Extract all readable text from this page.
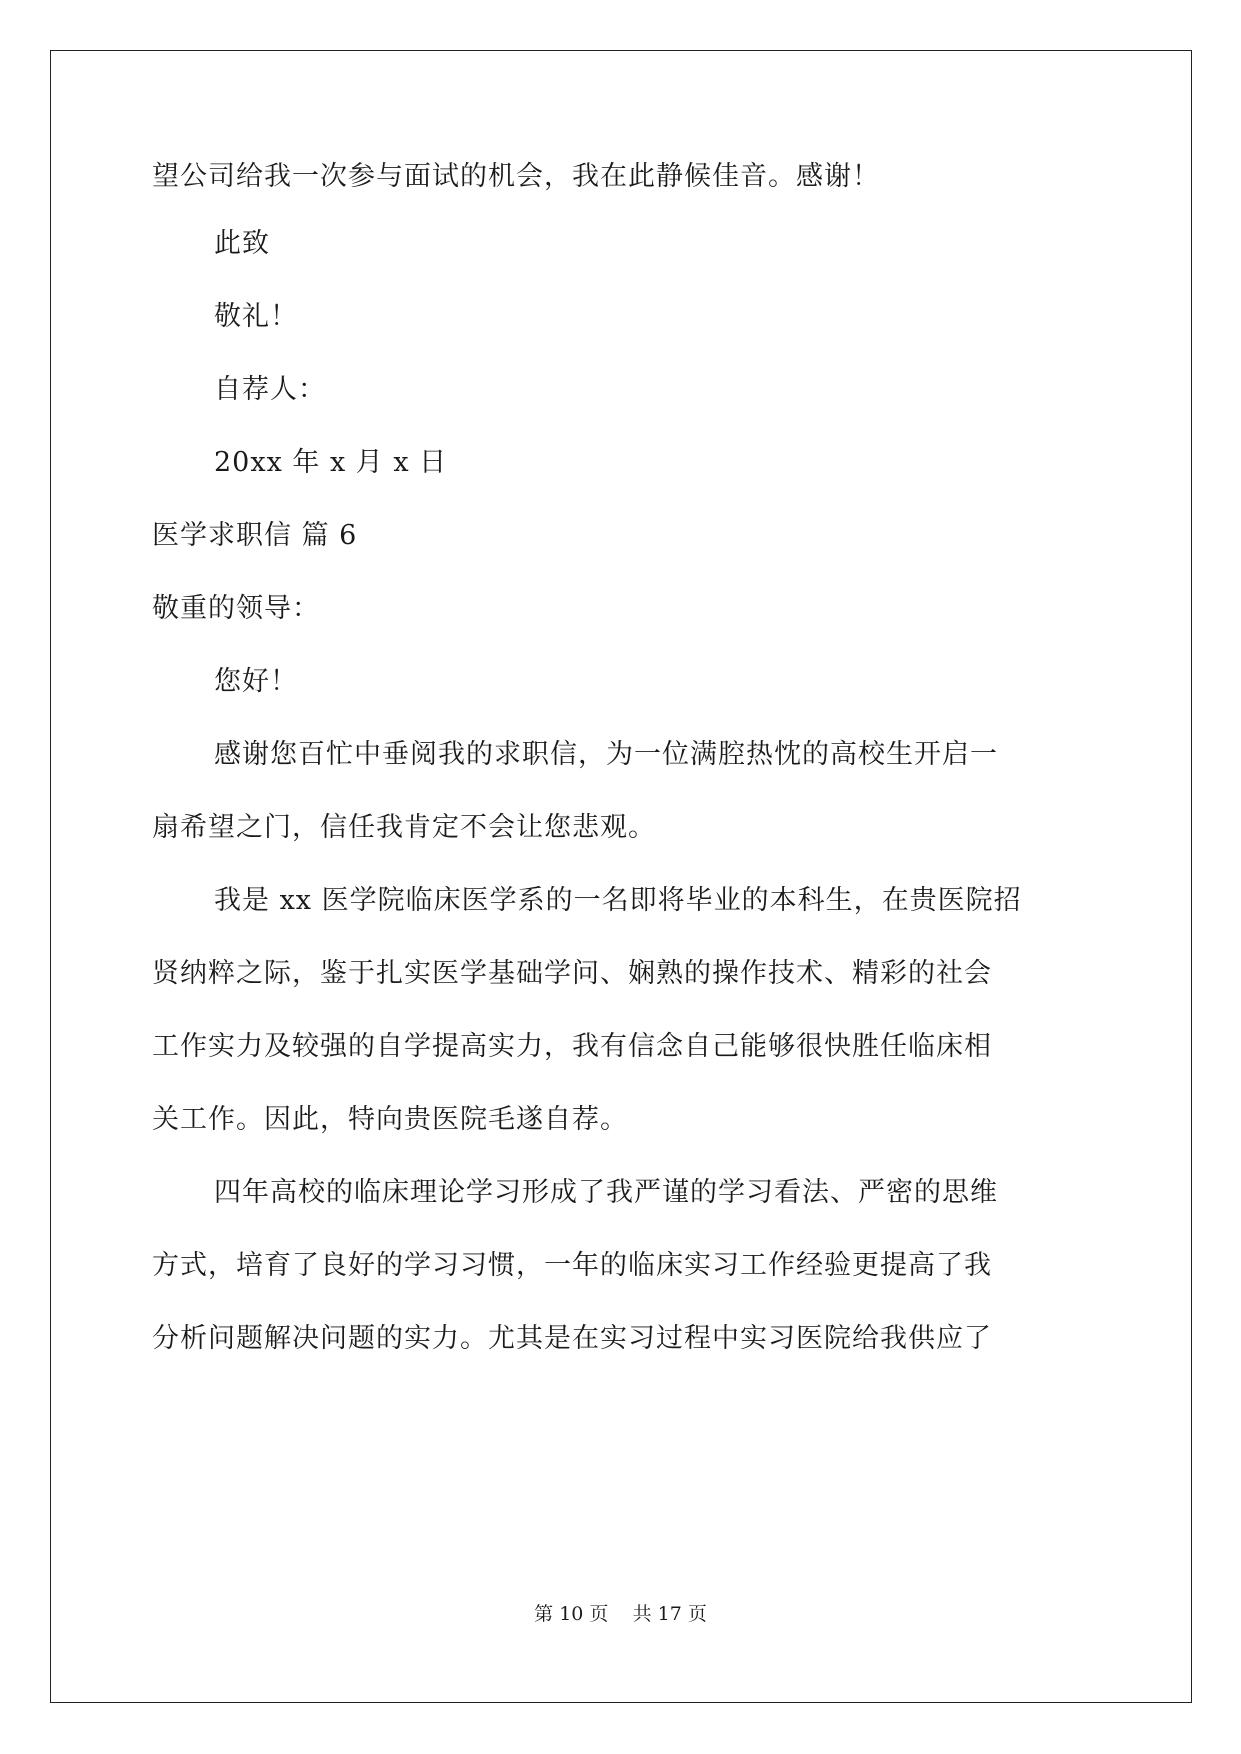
望公司给我一次参与面试的机会，我在此静候佳音。感谢！
此致
敬礼！
自荐人：
20xx 年 x 月 x 日
医学求职信 篇 6
敬重的领导：
您好！
感谢您百忙中垂阅我的求职信，为一位满腔热忱的高校生开启一
扇希望之门，信任我肯定不会让您悲观。
我是 xx 医学院临床医学系的一名即将毕业的本科生，在贵医院招
贤纳粹之际，鉴于扎实医学基础学问、娴熟的操作技术、精彩的社会
工作实力及较强的自学提高实力，我有信念自己能够很快胜任临床相
关工作。因此，特向贵医院毛遂自荐。
四年高校的临床理论学习形成了我严谨的学习看法、严密的思维
方式，培育了良好的学习习惯，一年的临床实习工作经验更提高了我
分析问题解决问题的实力。尤其是在实习过程中实习医院给我供应了
第 10 页    共 17 页
